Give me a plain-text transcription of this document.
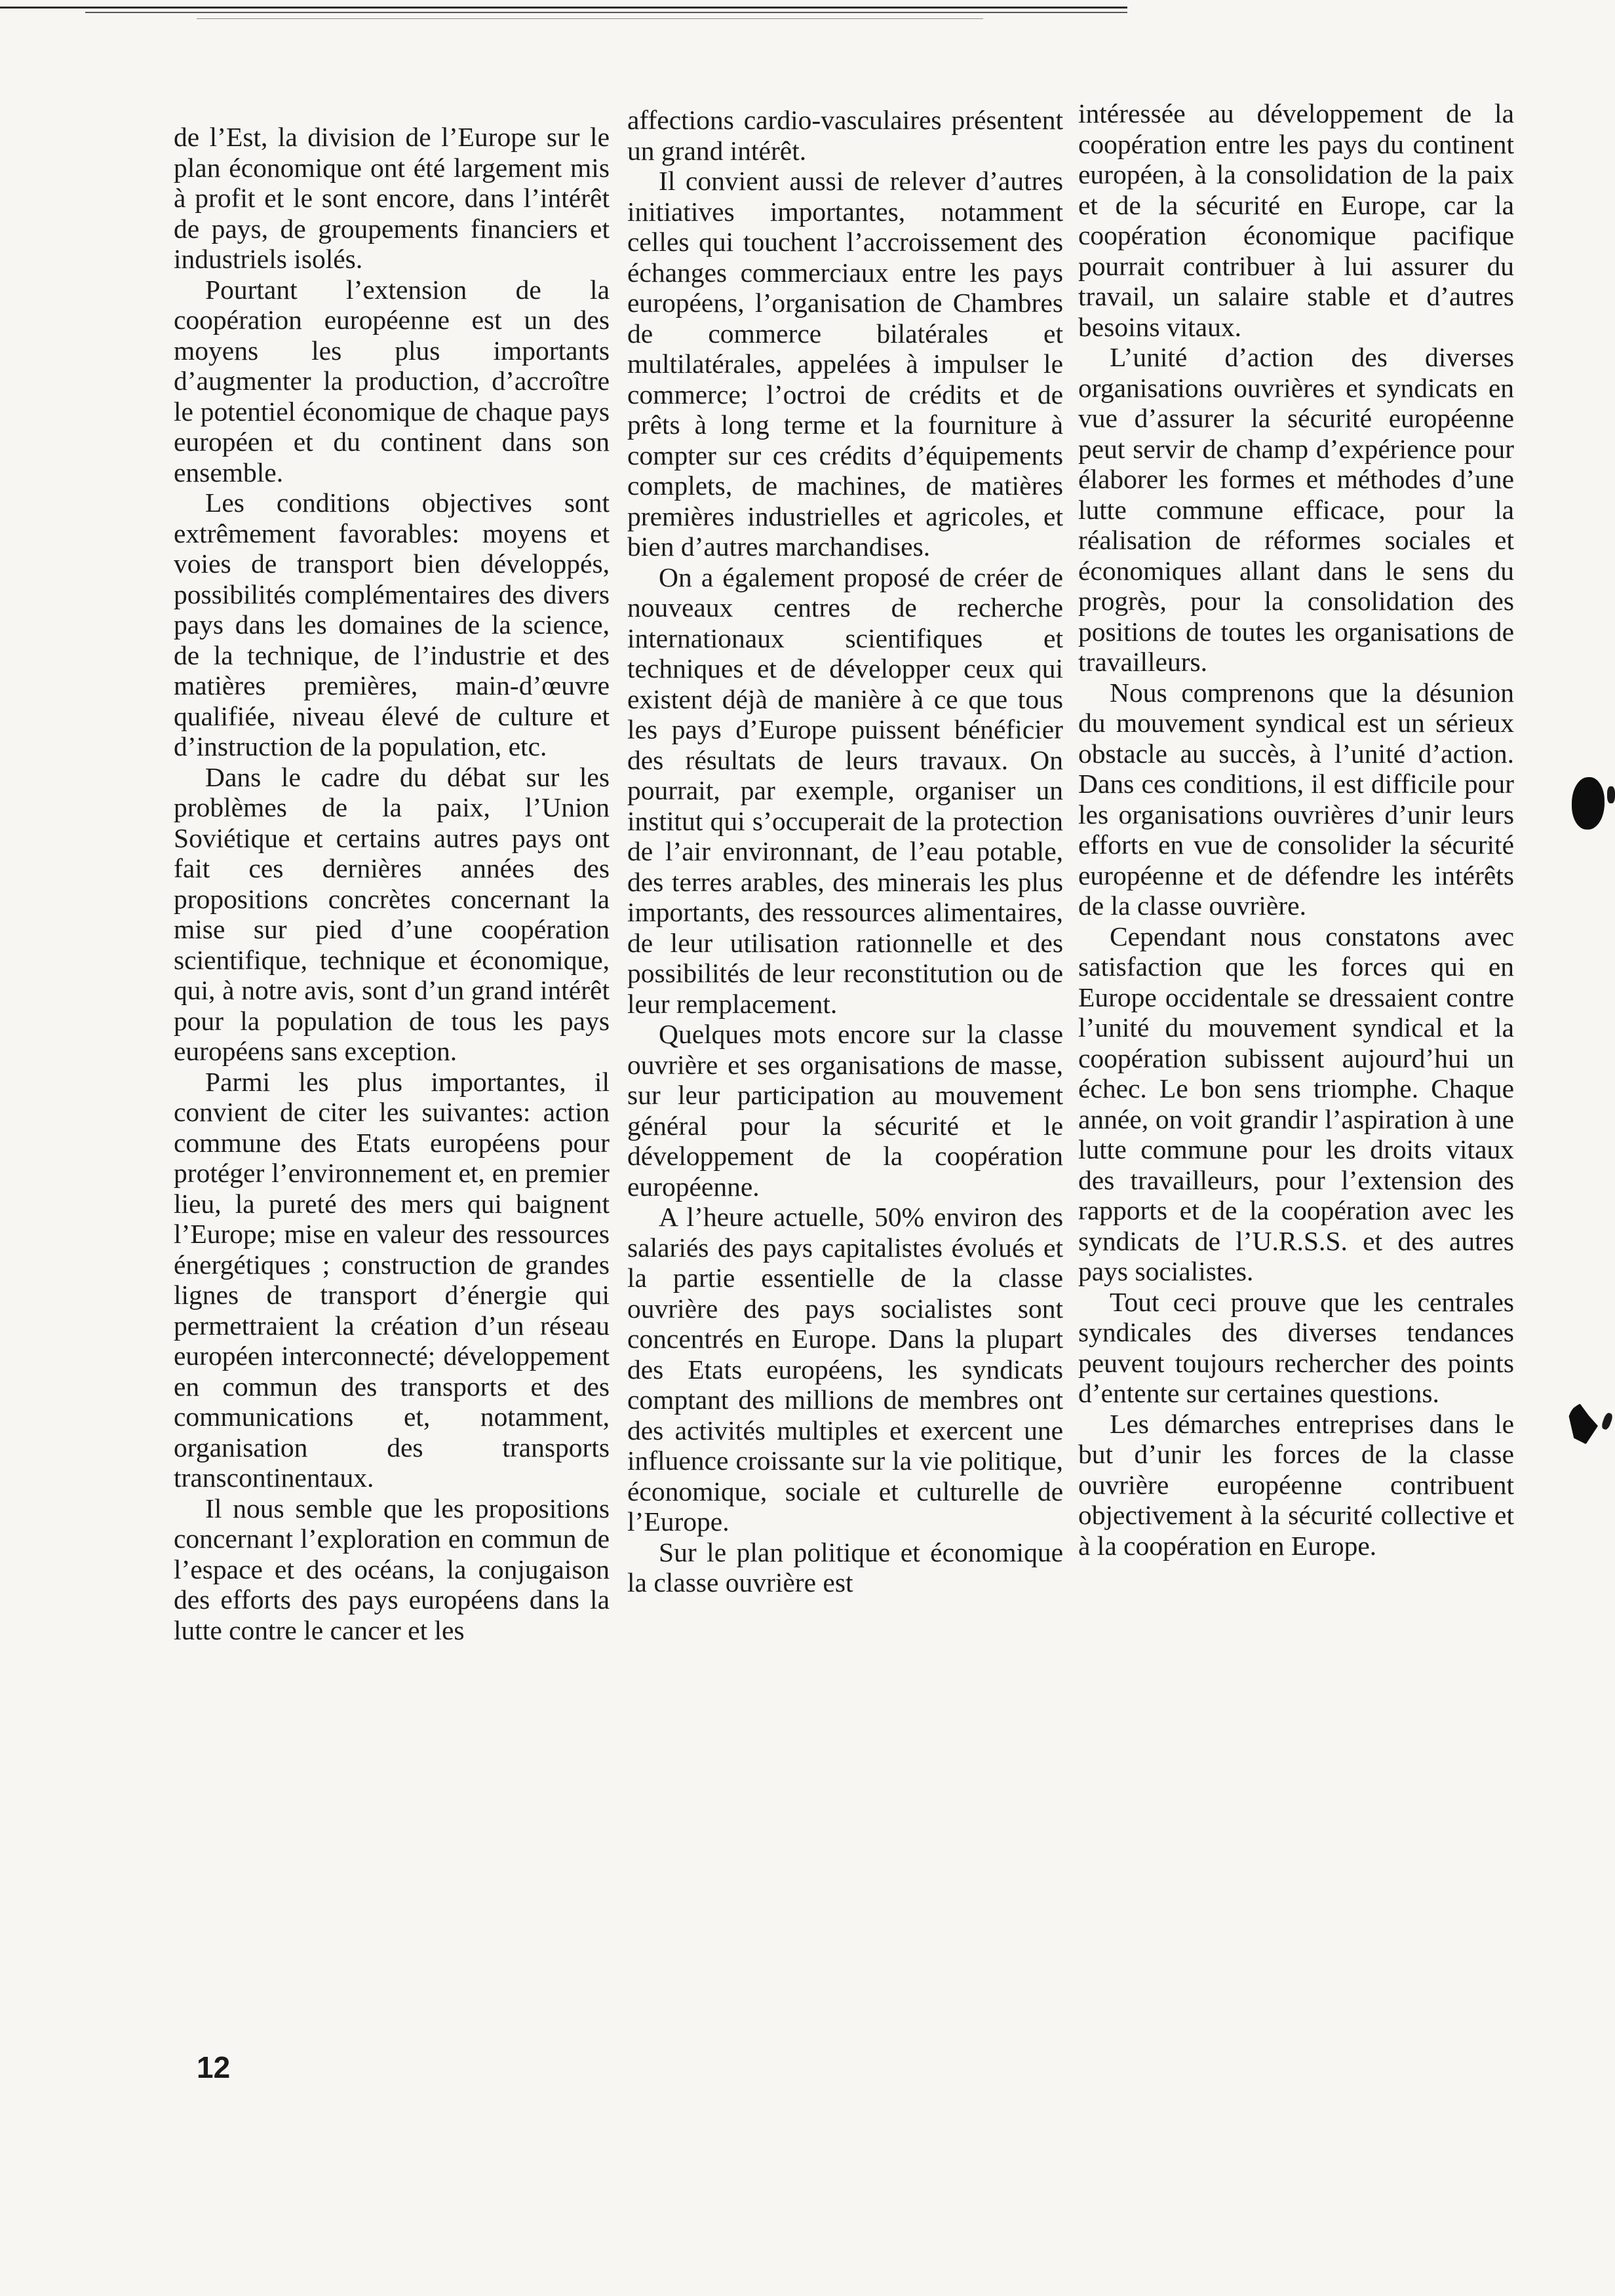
de l’Est, la division de l’Europe sur le plan économique ont été largement mis à profit et le sont encore, dans l’intérêt de pays, de groupements financiers et industriels isolés.

Pourtant l’extension de la coopération européenne est un des moyens les plus importants d’augmenter la production, d’accroître le potentiel économique de chaque pays européen et du continent dans son ensemble.

Les conditions objectives sont extrêmement favorables: moyens et voies de transport bien développés, possibilités complémentaires des divers pays dans les domaines de la science, de la technique, de l’industrie et des matières premières, main-d’œuvre qualifiée, niveau élevé de culture et d’instruction de la population, etc.

Dans le cadre du débat sur les problèmes de la paix, l’Union Soviétique et certains autres pays ont fait ces dernières années des propositions concrètes concernant la mise sur pied d’une coopération scientifique, technique et économique, qui, à notre avis, sont d’un grand intérêt pour la population de tous les pays européens sans exception.

Parmi les plus importantes, il convient de citer les suivantes: action commune des Etats européens pour protéger l’environnement et, en premier lieu, la pureté des mers qui baignent l’Europe; mise en valeur des ressources énergétiques ; construction de grandes lignes de transport d’énergie qui permettraient la création d’un réseau européen interconnecté; développement en commun des transports et des communications et, notamment, organisation des transports transcontinentaux.

Il nous semble que les propositions concernant l’exploration en commun de l’espace et des océans, la conjugaison des efforts des pays européens dans la lutte contre le cancer et les

affections cardio-vasculaires présentent un grand intérêt.

Il convient aussi de relever d’autres initiatives importantes, notamment celles qui touchent l’accroissement des échanges commerciaux entre les pays européens, l’organisation de Chambres de commerce bilatérales et multilatérales, appelées à impulser le commerce; l’octroi de crédits et de prêts à long terme et la fourniture à compter sur ces crédits d’équipements complets, de machines, de matières premières industrielles et agricoles, et bien d’autres marchandises.

On a également proposé de créer de nouveaux centres de recherche internationaux scientifiques et techniques et de développer ceux qui existent déjà de manière à ce que tous les pays d’Europe puissent bénéficier des résultats de leurs travaux. On pourrait, par exemple, organiser un institut qui s’occuperait de la protection de l’air environnant, de l’eau potable, des terres arables, des minerais les plus importants, des ressources alimentaires, de leur utilisation rationnelle et des possibilités de leur reconstitution ou de leur remplacement.

Quelques mots encore sur la classe ouvrière et ses organisations de masse, sur leur participation au mouvement général pour la sécurité et le développement de la coopération européenne.

A l’heure actuelle, 50% environ des salariés des pays capitalistes évolués et la partie essentielle de la classe ouvrière des pays socialistes sont concentrés en Europe. Dans la plupart des Etats européens, les syndicats comptant des millions de membres ont des activités multiples et exercent une influence croissante sur la vie politique, économique, sociale et culturelle de l’Europe.

Sur le plan politique et économique la classe ouvrière est

intéressée au développement de la coopération entre les pays du continent européen, à la consolidation de la paix et de la sécurité en Europe, car la coopération économique pacifique pourrait contribuer à lui assurer du travail, un salaire stable et d’autres besoins vitaux.

L’unité d’action des diverses organisations ouvrières et syndicats en vue d’assurer la sécurité européenne peut servir de champ d’expérience pour élaborer les formes et méthodes d’une lutte commune efficace, pour la réalisation de réformes sociales et économiques allant dans le sens du progrès, pour la consolidation des positions de toutes les organisations de travailleurs.

Nous comprenons que la désunion du mouvement syndical est un sérieux obstacle au succès, à l’unité d’action. Dans ces conditions, il est difficile pour les organisations ouvrières d’unir leurs efforts en vue de consolider la sécurité européenne et de défendre les intérêts de la classe ouvrière.

Cependant nous constatons avec satisfaction que les forces qui en Europe occidentale se dressaient contre l’unité du mouvement syndical et la coopération subissent aujourd’hui un échec. Le bon sens triomphe. Chaque année, on voit grandir l’aspiration à une lutte commune pour les droits vitaux des travailleurs, pour l’extension des rapports et de la coopération avec les syndicats de l’U.R.S.S. et des autres pays socialistes.

Tout ceci prouve que les centrales syndicales des diverses tendances peuvent toujours rechercher des points d’entente sur certaines questions.

Les démarches entreprises dans le but d’unir les forces de la classe ouvrière européenne contribuent objectivement à la sécurité collective et à la coopération en Europe.

12
